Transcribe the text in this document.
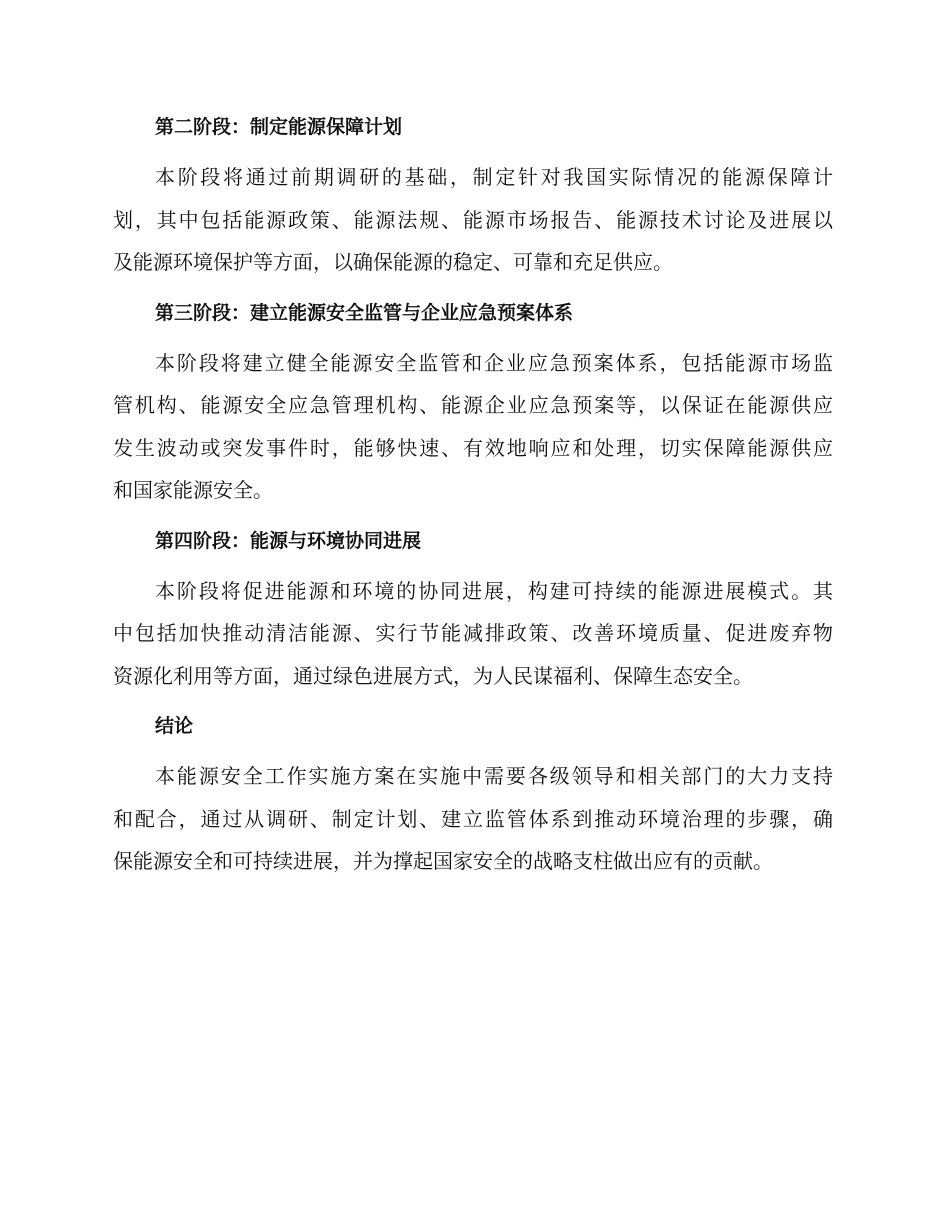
第二阶段：制定能源保障计划
本阶段将通过前期调研的基础，制定针对我国实际情况的能源保障计
划，其中包括能源政策、能源法规、能源市场报告、能源技术讨论及进展以
及能源环境保护等方面，以确保能源的稳定、可靠和充足供应。
第三阶段：建立能源安全监管与企业应急预案体系
本阶段将建立健全能源安全监管和企业应急预案体系，包括能源市场监
管机构、能源安全应急管理机构、能源企业应急预案等，以保证在能源供应
发生波动或突发事件时，能够快速、有效地响应和处理，切实保障能源供应
和国家能源安全。
第四阶段：能源与环境协同进展
本阶段将促进能源和环境的协同进展，构建可持续的能源进展模式。其
中包括加快推动清洁能源、实行节能减排政策、改善环境质量、促进废弃物
资源化利用等方面，通过绿色进展方式，为人民谋福利、保障生态安全。
结论
本能源安全工作实施方案在实施中需要各级领导和相关部门的大力支持
和配合，通过从调研、制定计划、建立监管体系到推动环境治理的步骤，确
保能源安全和可持续进展，并为撑起国家安全的战略支柱做出应有的贡献。
